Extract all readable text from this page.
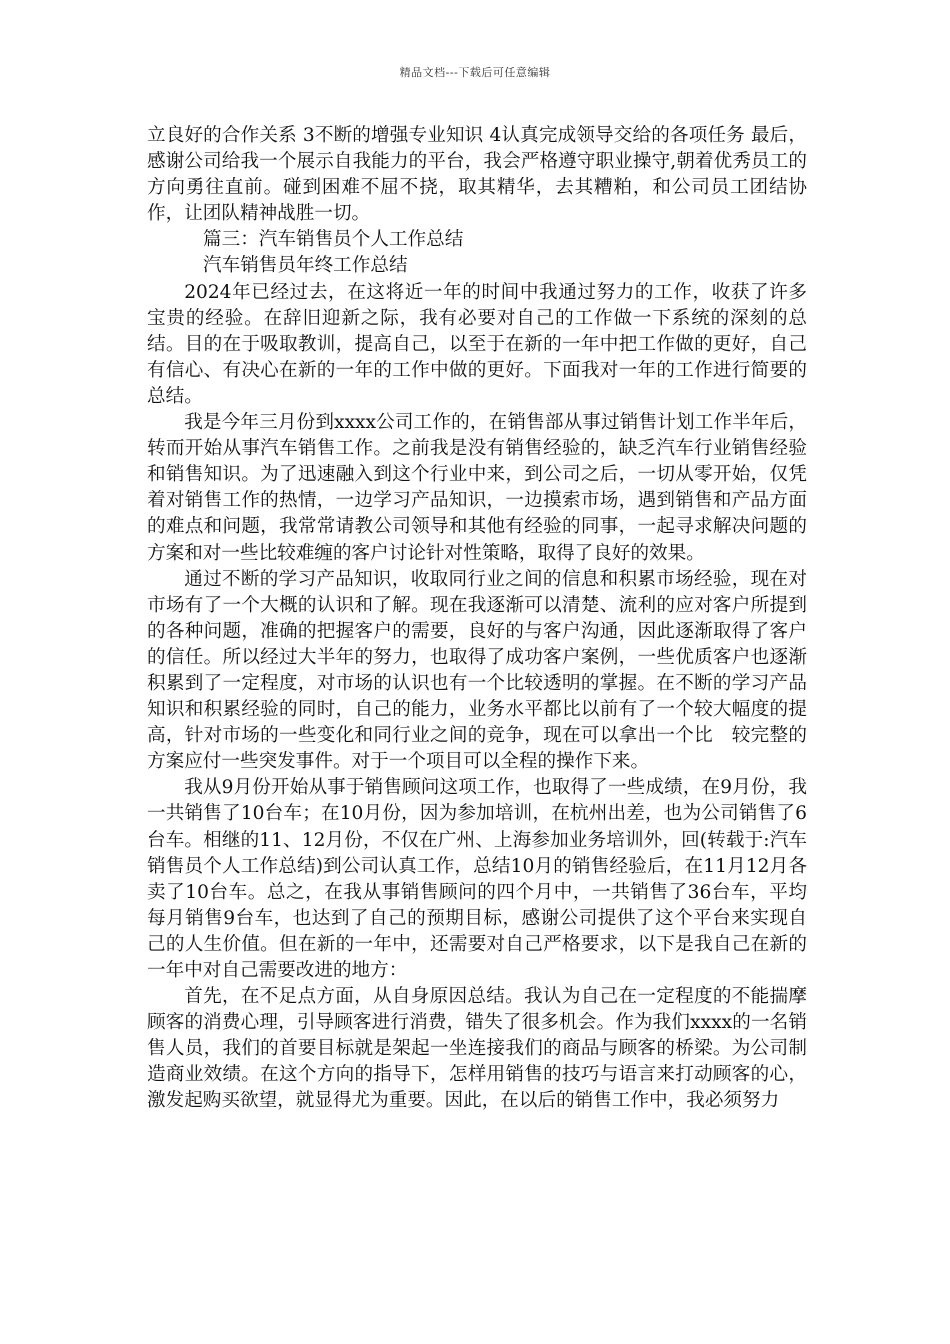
精品文档---下载后可任意编辑

立良好的合作关系 3不断的增强专业知识 4认真完成领导交给的各项任务 最后，感谢公司给我一个展示自我能力的平台，我会严格遵守职业操守,朝着优秀员工的方向勇往直前。碰到困难不屈不挠，取其精华，去其糟粕，和公司员工团结协作，让团队精神战胜一切。

篇三：汽车销售员个人工作总结

汽车销售员年终工作总结

2024年已经过去，在这将近一年的时间中我通过努力的工作，收获了许多宝贵的经验。在辞旧迎新之际，我有必要对自己的工作做一下系统的深刻的总结。目的在于吸取教训，提高自己，以至于在新的一年中把工作做的更好，自己有信心、有决心在新的一年的工作中做的更好。下面我对一年的工作进行简要的总结。

我是今年三月份到xxxx公司工作的，在销售部从事过销售计划工作半年后，转而开始从事汽车销售工作。之前我是没有销售经验的，缺乏汽车行业销售经验和销售知识。为了迅速融入到这个行业中来，到公司之后，一切从零开始，仅凭着对销售工作的热情，一边学习产品知识，一边摸索市场，遇到销售和产品方面的难点和问题，我常常请教公司领导和其他有经验的同事，一起寻求解决问题的方案和对一些比较难缠的客户讨论针对性策略，取得了良好的效果。

通过不断的学习产品知识，收取同行业之间的信息和积累市场经验，现在对市场有了一个大概的认识和了解。现在我逐渐可以清楚、流利的应对客户所提到的各种问题，准确的把握客户的需要，良好的与客户沟通，因此逐渐取得了客户的信任。所以经过大半年的努力，也取得了成功客户案例，一些优质客户也逐渐积累到了一定程度，对市场的认识也有一个比较透明的掌握。在不断的学习产品知识和积累经验的同时，自己的能力，业务水平都比以前有了一个较大幅度的提高，针对市场的一些变化和同行业之间的竞争，现在可以拿出一个比　较完整的方案应付一些突发事件。对于一个项目可以全程的操作下来。

我从9月份开始从事于销售顾问这项工作，也取得了一些成绩，在9月份，我一共销售了10台车；在10月份，因为参加培训，在杭州出差，也为公司销售了6台车。相继的11、12月份，不仅在广州、上海参加业务培训外，回(转载于:汽车销售员个人工作总结)到公司认真工作，总结10月的销售经验后，在11月12月各卖了10台车。总之，在我从事销售顾问的四个月中，一共销售了36台车，平均每月销售9台车，也达到了自己的预期目标，感谢公司提供了这个平台来实现自己的人生价值。但在新的一年中，还需要对自己严格要求，以下是我自己在新的一年中对自己需要改进的地方：

首先，在不足点方面，从自身原因总结。我认为自己在一定程度的不能揣摩顾客的消费心理，引导顾客进行消费，错失了很多机会。作为我们xxxx的一名销售人员，我们的首要目标就是架起一坐连接我们的商品与顾客的桥梁。为公司制造商业效绩。在这个方向的指导下，怎样用销售的技巧与语言来打动顾客的心，激发起购买欲望，就显得尤为重要。因此，在以后的销售工作中，我必须努力
